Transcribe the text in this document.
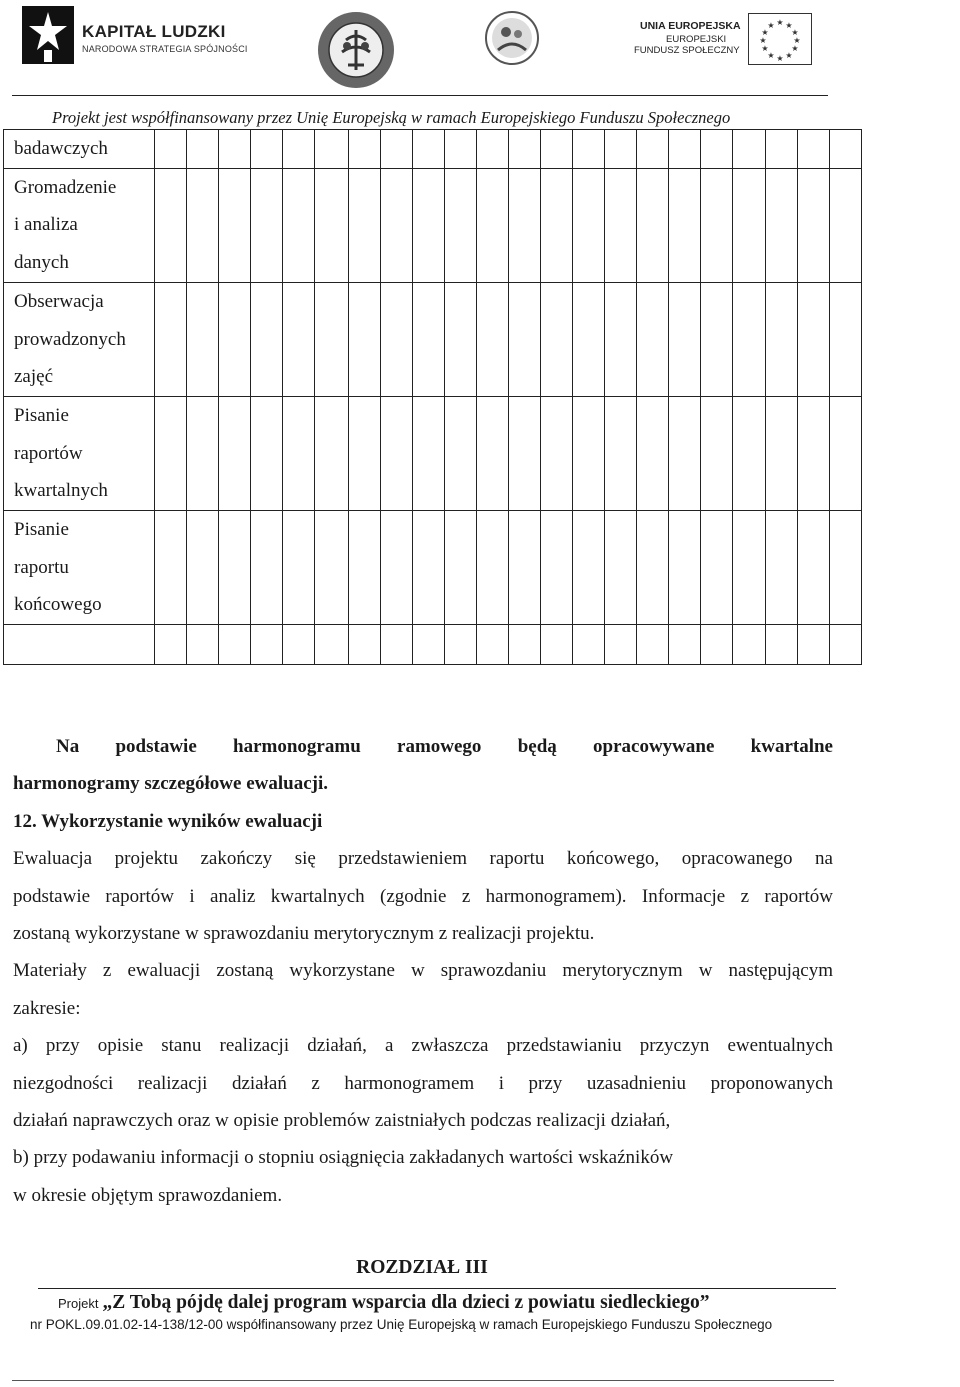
KAPITAŁ LUDZKI
NARODOWA STRATEGIA SPÓJNOŚCI
UNIA EUROPEJSKA
EUROPEJSKI
FUNDUSZ SPOŁECZNY
★ ★
★
★
★
★
★
★
★
★
★
★
Projekt jest współfinansowany przez Unię Europejską w ramach Europejskiego Funduszu Społecznego
badawczych																						

Gromadzenie
i analiza
danych																						

Obserwacja
prowadzonych
zajęć																						

Pisanie
raportów
kwartalnych																						

Pisanie
raportu
końcowego																						

Na podstawie harmonogramu ramowego będą opracowywane kwartalne

harmonogramy szczegółowe ewaluacji.

12. Wykorzystanie wyników ewaluacji

Ewaluacja projektu zakończy się przedstawieniem raportu końcowego, opracowanego na

podstawie raportów i analiz kwartalnych (zgodnie z harmonogramem). Informacje z raportów

zostaną wykorzystane w sprawozdaniu merytorycznym z realizacji projektu.

Materiały z ewaluacji zostaną wykorzystane w sprawozdaniu merytorycznym w następującym

zakresie:

a) przy opisie stanu realizacji działań, a zwłaszcza przedstawianiu przyczyn ewentualnych

niezgodności realizacji działań z harmonogramem i przy uzasadnieniu proponowanych

działań naprawczych oraz w opisie problemów zaistniałych podczas realizacji działań,

b) przy podawaniu informacji o stopniu osiągnięcia zakładanych wartości wskaźników

w okresie objętym sprawozdaniem.

ROZDZIAŁ III
Projekt „Z Tobą pójdę dalej program wsparcia dla dzieci z powiatu siedleckiego”
nr POKL.09.01.02-14-138/12-00 współfinansowany przez Unię Europejską w ramach Europejskiego Funduszu Społecznego
